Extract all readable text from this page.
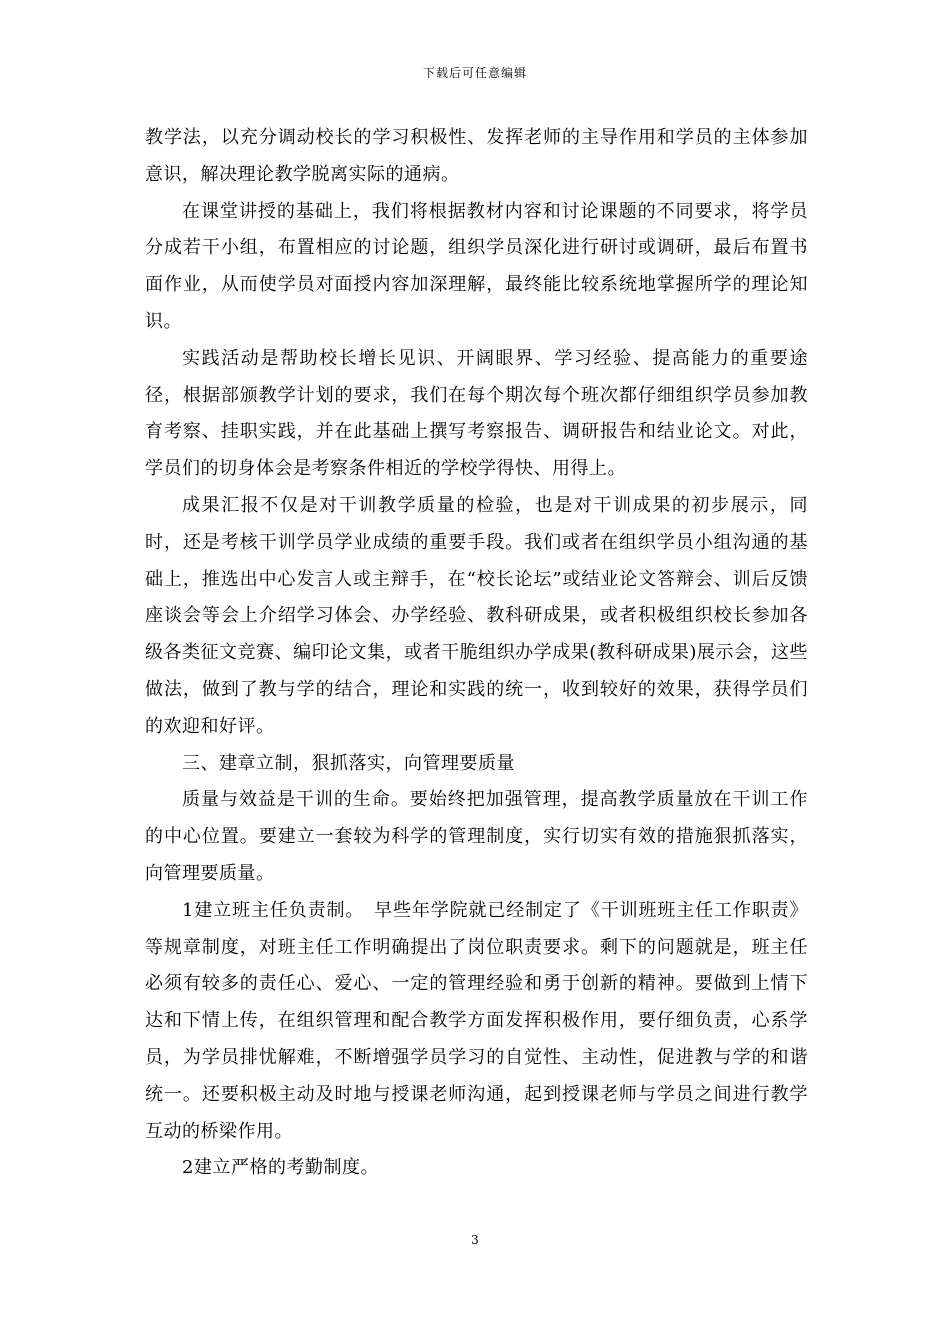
下载后可任意编辑

教学法，以充分调动校长的学习积极性、发挥老师的主导作用和学员的主体参加意识，解决理论教学脱离实际的通病。

在课堂讲授的基础上，我们将根据教材内容和讨论课题的不同要求，将学员分成若干小组，布置相应的讨论题，组织学员深化进行研讨或调研，最后布置书面作业，从而使学员对面授内容加深理解，最终能比较系统地掌握所学的理论知识。

实践活动是帮助校长增长见识、开阔眼界、学习经验、提高能力的重要途径，根据部颁教学计划的要求，我们在每个期次每个班次都仔细组织学员参加教育考察、挂职实践，并在此基础上撰写考察报告、调研报告和结业论文。对此，学员们的切身体会是考察条件相近的学校学得快、用得上。

成果汇报不仅是对干训教学质量的检验，也是对干训成果的初步展示，同时，还是考核干训学员学业成绩的重要手段。我们或者在组织学员小组沟通的基础上，推选出中心发言人或主辩手，在“校长论坛”或结业论文答辩会、训后反馈座谈会等会上介绍学习体会、办学经验、教科研成果，或者积极组织校长参加各级各类征文竞赛、编印论文集，或者干脆组织办学成果(教科研成果)展示会，这些做法，做到了教与学的结合，理论和实践的统一，收到较好的效果，获得学员们的欢迎和好评。

三、建章立制，狠抓落实，向管理要质量

质量与效益是干训的生命。要始终把加强管理，提高教学质量放在干训工作的中心位置。要建立一套较为科学的管理制度，实行切实有效的措施狠抓落实，向管理要质量。

1建立班主任负责制。　早些年学院就已经制定了《干训班班主任工作职责》等规章制度，对班主任工作明确提出了岗位职责要求。剩下的问题就是，班主任必须有较多的责任心、爱心、一定的管理经验和勇于创新的精神。要做到上情下达和下情上传，在组织管理和配合教学方面发挥积极作用，要仔细负责，心系学员，为学员排忧解难，不断增强学员学习的自觉性、主动性，促进教与学的和谐统一。还要积极主动及时地与授课老师沟通，起到授课老师与学员之间进行教学互动的桥梁作用。

2建立严格的考勤制度。

3
